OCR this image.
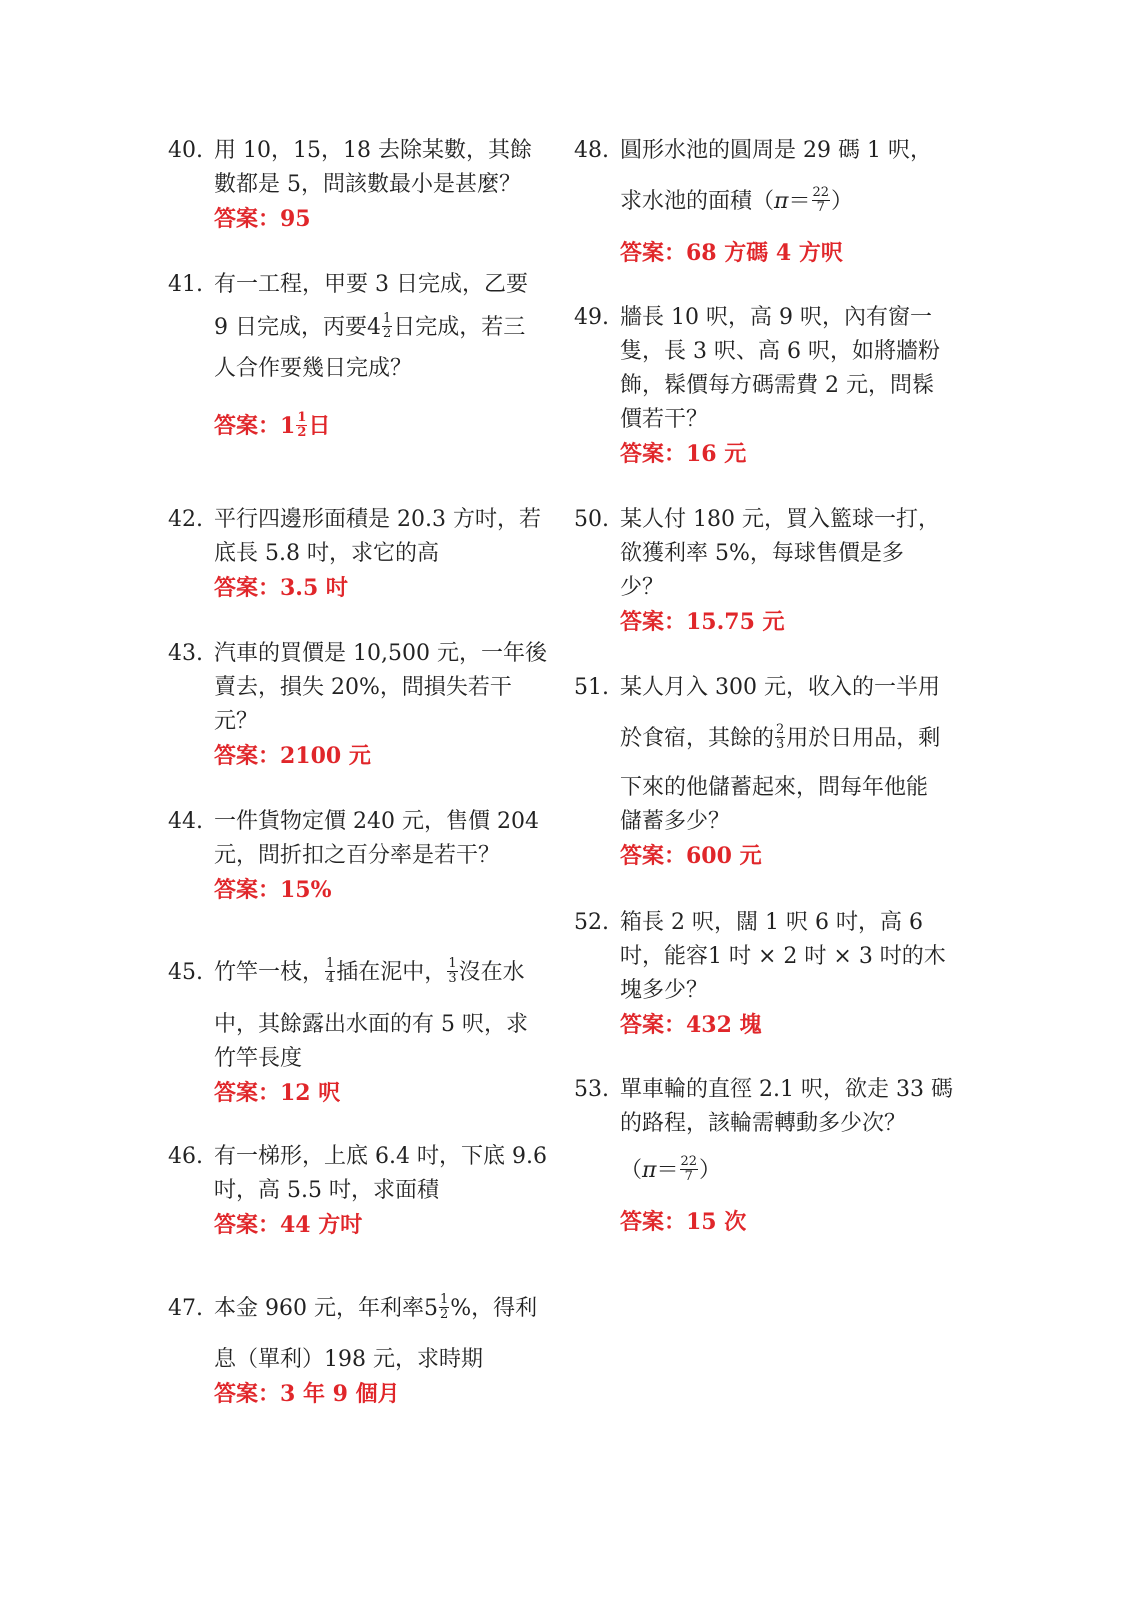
40. 用 10，15，18 去除某數，其餘
數都是 5，問該數最小是甚麼？
答案：95
41. 有一工程，甲要 3 日完成，乙要
9 日完成，丙要$4 \frac{1}{2}$ 日完成，若三
人合作要幾日完成？
答案：$1 \frac{1}{2}$ 日
42. 平行四邊形面積是 20.3 方吋，若
底長 5.8 吋，求它的高
答案：3.5 吋
43. 汽車的買價是 10,500 元，一年後
賣去，損失 20%，問損失若干
元？
答案：2100 元
44. 一件貨物定價 240 元，售價 204
元，問折扣之百分率是若干？
答案：15%
45. 竹竿一枝， $\frac{1}{4}$ 插在泥中， $\frac{1}{3}$ 沒在水
中，其餘露出水面的有 5 呎，求
竹竿長度
答案：12 呎
46. 有一梯形，上底 6.4 吋，下底 9.6
吋，高 5.5 吋，求面積
答案：44 方吋
47. 本金 960 元，年利率$5 \frac{1}{2}$ %，得利
息（單利）198 元，求時期
答案：3 年 9 個月
48. 圓形水池的圓周是 29 碼 1 呎，
求水池的面積（$\pi= \frac{22}{7}$ ）
答案：68 方碼 4 方呎
49. 牆長 10 呎，高 9 呎，內有窗一
隻，長 3 呎、高 6 呎，如將牆粉
飾，髹價每方碼需費 2 元，問髹
價若干？
答案：16 元
50. 某人付 180 元，買入籃球一打，
欲獲利率 5%，每球售價是多
少？
答案：15.75 元
51. 某人月入 300 元，收入的一半用
於食宿，其餘的 $\frac{2}{3}$ 用於日用品，剩
下來的他儲蓄起來，問每年他能
儲蓄多少？
答案：600 元
52. 箱長 2 呎，闊 1 呎 6 吋，高 6
吋，能容1 吋 × 2 吋 × 3 吋的木
塊多少？
答案：432 塊
53. 單車輪的直徑 2.1 呎，欲走 33 碼
的路程，該輪需轉動多少次？
（$\pi= \frac{22}{7}$ ）
答案：15 次
